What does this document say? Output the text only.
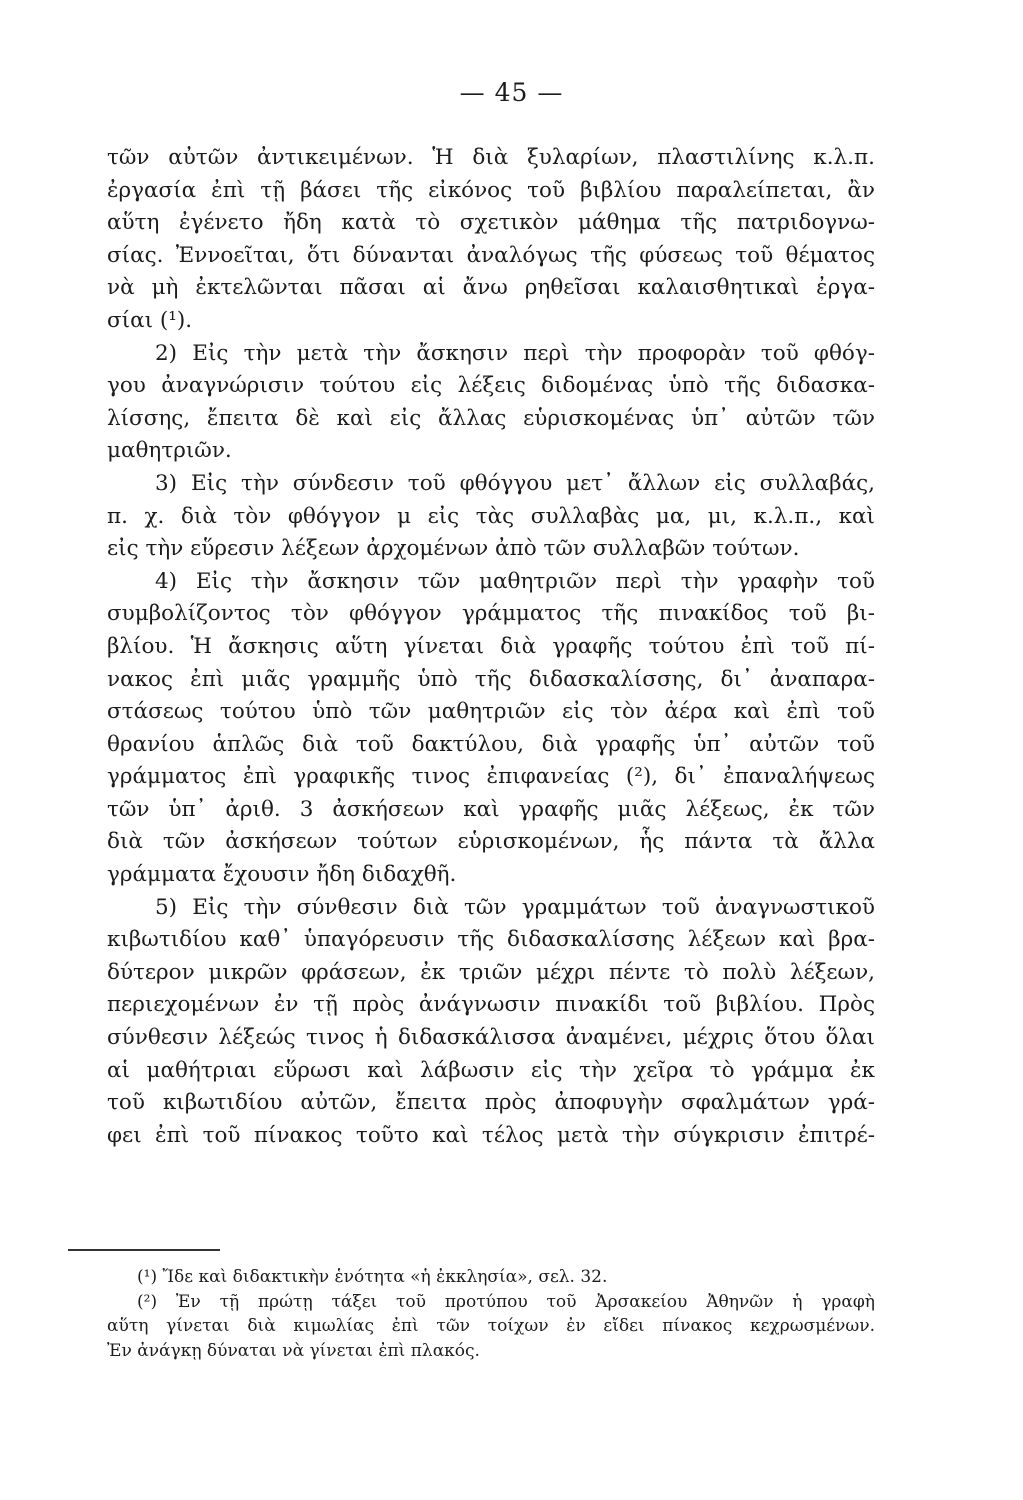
— 45 —
τῶν αὐτῶν ἀντικειμένων. Ἡ διὰ ξυλαρίων, πλαστιλίνης κ.λ.π.
ἐργασία ἐπὶ τῇ βάσει τῆς εἰκόνος τοῦ βιβλίου παραλείπεται, ἂν
αὕτη ἐγένετο ἤδη κατὰ τὸ σχετικὸν μάθημα τῆς πατριδογνω-
σίας. Ἐννοεῖται, ὅτι δύνανται ἀναλόγως τῆς φύσεως τοῦ θέματος
νὰ μὴ ἐκτελῶνται πᾶσαι αἱ ἄνω ρηθεῖσαι καλαισθητικαὶ ἐργα-
σίαι (¹).
2) Εἰς τὴν μετὰ τὴν ἄσκησιν περὶ τὴν προφορὰν τοῦ φθόγ-
γου ἀναγνώρισιν τούτου εἰς λέξεις διδομένας ὑπὸ τῆς διδασκα-
λίσσης, ἔπειτα δὲ καὶ εἰς ἄλλας εὑρισκομένας ὑπ᾽ αὐτῶν τῶν
μαθητριῶν.
3) Εἰς τὴν σύνδεσιν τοῦ φθόγγου μετ᾽ ἄλλων εἰς συλλαβάς,
π. χ. διὰ τὸν φθόγγον μ εἰς τὰς συλλαβὰς μα, μι, κ.λ.π., καὶ
εἰς τὴν εὕρεσιν λέξεων ἀρχομένων ἀπὸ τῶν συλλαβῶν τούτων.
4) Εἰς τὴν ἄσκησιν τῶν μαθητριῶν περὶ τὴν γραφὴν τοῦ
συμβολίζοντος τὸν φθόγγον γράμματος τῆς πινακίδος τοῦ βι-
βλίου. Ἡ ἄσκησις αὕτη γίνεται διὰ γραφῆς τούτου ἐπὶ τοῦ πί-
νακος ἐπὶ μιᾶς γραμμῆς ὑπὸ τῆς διδασκαλίσσης, δι᾽ ἀναπαρα-
στάσεως τούτου ὑπὸ τῶν μαθητριῶν εἰς τὸν ἀέρα καὶ ἐπὶ τοῦ
θρανίου ἁπλῶς διὰ τοῦ δακτύλου, διὰ γραφῆς ὑπ᾽ αὐτῶν τοῦ
γράμματος ἐπὶ γραφικῆς τινος ἐπιφανείας (²), δι᾽ ἐπαναλήψεως
τῶν ὑπ᾽ ἀριθ. 3 ἀσκήσεων καὶ γραφῆς μιᾶς λέξεως, ἐκ τῶν
διὰ τῶν ἀσκήσεων τούτων εὑρισκομένων, ἧς πάντα τὰ ἄλλα
γράμματα ἔχουσιν ἤδη διδαχθῆ.
5) Εἰς τὴν σύνθεσιν διὰ τῶν γραμμάτων τοῦ ἀναγνωστικοῦ
κιβωτιδίου καθ᾽ ὑπαγόρευσιν τῆς διδασκαλίσσης λέξεων καὶ βρα-
δύτερον μικρῶν φράσεων, ἐκ τριῶν μέχρι πέντε τὸ πολὺ λέξεων,
περιεχομένων ἐν τῇ πρὸς ἀνάγνωσιν πινακίδι τοῦ βιβλίου. Πρὸς
σύνθεσιν λέξεώς τινος ἡ διδασκάλισσα ἀναμένει, μέχρις ὅτου ὅλαι
αἱ μαθήτριαι εὕρωσι καὶ λάβωσιν εἰς τὴν χεῖρα τὸ γράμμα ἐκ
τοῦ κιβωτιδίου αὐτῶν, ἔπειτα πρὸς ἀποφυγὴν σφαλμάτων γρά-
φει ἐπὶ τοῦ πίνακος τοῦτο καὶ τέλος μετὰ τὴν σύγκρισιν ἐπιτρέ-
(¹) Ἴδε καὶ διδακτικὴν ἑνότητα «ἡ ἐκκλησία», σελ. 32.
(²) Ἐν τῇ πρώτῃ τάξει τοῦ προτύπου τοῦ Ἀρσακείου Ἀθηνῶν ἡ γραφὴ
αὕτη γίνεται διὰ κιμωλίας ἐπὶ τῶν τοίχων ἐν εἴδει πίνακος κεχρωσμένων.
Ἐν ἀνάγκῃ δύναται νὰ γίνεται ἐπὶ πλακός.
